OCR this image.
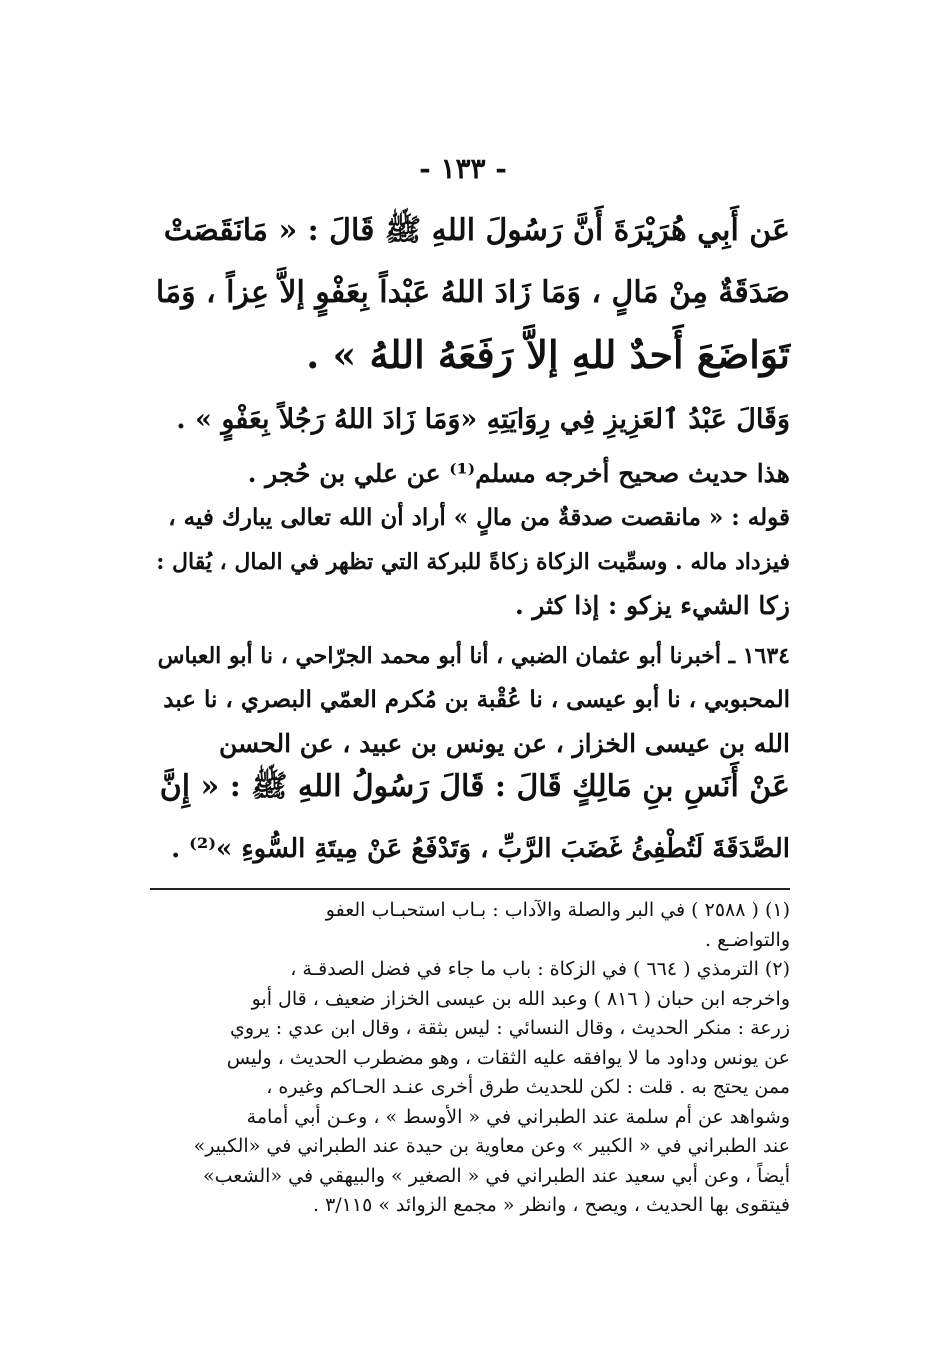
- ١٣٣ -
عَن أَبِي هُرَيْرَةَ أَنَّ رَسُولَ اللهِ ﷺ قَالَ : « مَانَقَصَتْ
صَدَقَةٌ مِنْ مَالٍ ، وَمَا زَادَ اللهُ عَبْداً بِعَفْوٍ إلاَّ عِزاً ، وَمَا
تَوَاضَعَ أَحدٌ للهِ إلاَّ رَفَعَهُ اللهُ » .
وَقَالَ عَبْدُ ٱلعَزِيزِ فِي رِوَايَتِهِ «وَمَا زَادَ اللهُ رَجُلاً بِعَفْوٍ » .
هذا حديث صحيح أخرجه مسلم⁽¹⁾ عن علي بن حُجر .
قوله : « مانقصت صدقةٌ من مالٍ » أراد أن الله تعالى يبارك فيه ،
فيزداد ماله . وسمِّيت الزكاة زكاةً للبركة التي تظهر في المال ، يُقال :
زكا الشيء يزكو : إذا كثر .
١٦٣٤ ـ أخبرنا أبو عثمان الضبي ، أنا أبو محمد الجرّاحي ، نا أبو العباس
المحبوبي ، نا أبو عيسى ، نا عُقْبة بن مُكرم العمّي البصري ، نا عبد
الله بن عيسى الخزاز ، عن يونس بن عبيد ، عن الحسن
عَنْ أَنَسِ بنِ مَالِكٍ قَالَ : قَالَ رَسُولُ اللهِ ﷺ : « إِنَّ
الصَّدَقَةَ لَتُطْفِئُ غَضَبَ الرَّبِّ ، وَتَدْفَعُ عَنْ مِيتَةِ السُّوءِ »⁽²⁾ .
(١) ( ٢٥٨٨ ) في البر والصلة والآداب : بـاب استحبـاب العفو
والتواضـع .
(٢) الترمذي ( ٦٦٤ ) في الزكاة : باب ما جاء في فضل الصدقـة ،
واخرجه ابن حبان ( ٨١٦ ) وعبد الله بن عيسى الخزاز ضعيف ، قال أبو
زرعة : منكر الحديث ، وقال النسائي : ليس بثقة ، وقال ابن عدي : يروي
عن يونس وداود ما لا يوافقه عليه الثقات ، وهو مضطرب الحديث ، وليس
ممن يحتج به . قلت : لكن للحديث طرق أخرى عنـد الحـاكم وغيره ،
وشواهد عن أم سلمة عند الطبراني في « الأوسط » ، وعـن أبي أمامة
عند الطبراني في « الكبير » وعن معاوية بن حيدة عند الطبراني في «الكبير»
أيضاً ، وعن أبي سعيد عند الطبراني في « الصغير » والبيهقي في «الشعب»
فيتقوى بها الحديث ، ويصح ، وانظر « مجمع الزوائد » ٣/١١٥ .
